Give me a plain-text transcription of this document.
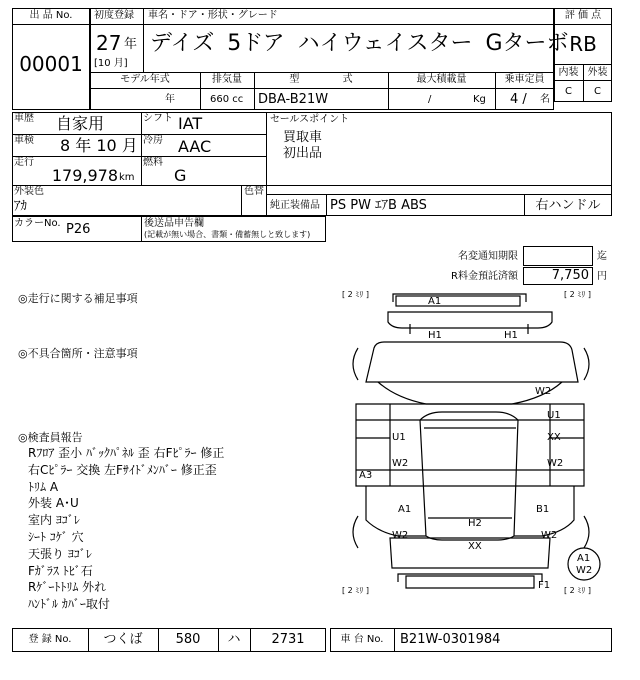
出 品 No.
00001
初度登録 車名・ドア・形状・グレード
27 年
[10 月]
デイズ 5ドア ハイウェイスター Gターボ
モデル年式	排気量	型 式	最大積載量	乗車定員
年	660 cc DBA-B21W	/	Kg 4 / 名
評 価 点
RB
内装 外装
C	C
車歴 自家用
車検 8 年 10 月
走行
179,978 km
シフト IAT
冷房 AAC
燃料
G
セールスポイント
買取車
初出品
外装色
ｱｶ
色替
純正装備品 PS PW ｴｱB ABS	右ハンドル
カラーNo. P26	後送品申告欄
(記載が無い場合、書類・備蓄無しと致します)
名変通知期限	迄
R料金預託済額	7,750 円
◎走行に関する補足事項
◎不具合箇所・注意事項
◎検査員報告
Rﾌﾛｱ 歪小 ﾊﾞｯｸﾊﾟﾈﾙ 歪 右Fﾋﾟﾗｰ 修正
右Cﾋﾟﾗｰ 交換 左Fｻｲﾄﾞﾒﾝﾊﾞｰ 修正歪
ﾄﾘﾑ A
外装 A･U
室内 ﾖｺﾞﾚ
ｼｰﾄ ｺｹﾞ 穴
天張り ﾖｺﾞﾚ
Fｶﾞﾗｽ ﾄﾋﾞ石
Rｹﾞｰﾄﾄﾘﾑ 外れ
ﾊﾝﾄﾞﾙ ｶﾊﾞｰ取付
[ 2 ﾐﾘ ]	[ 2 ﾐﾘ ]
[ 2 ﾐﾘ ]	[ 2 ﾐﾘ ]
A1
H1	H1
W2
U1
XX
U1
W2	W2
A3
A1	B1
H2
W2	W2
XX
A1
W2
F1
登 録 No.	つくば	580	ハ	2731	車 台 No.	B21W-0301984
